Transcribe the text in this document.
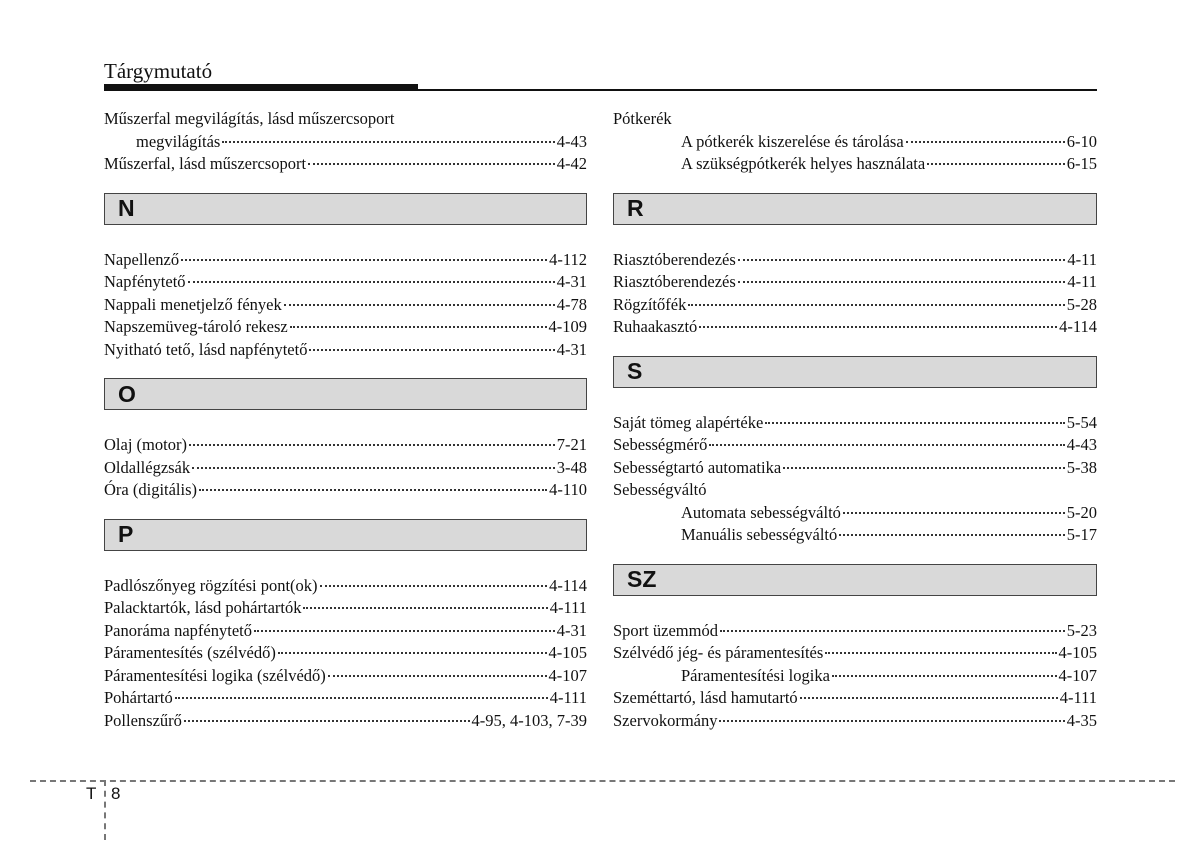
Tárgymutató
Műszerfal megvilágítás, lásd műszercsoport
megvilágítás	4-43
Műszerfal, lásd műszercsoport	4-42
N
Napellenző	4-112
Napfénytető	4-31
Nappali menetjelző fények	4-78
Napszemüveg-tároló rekesz	4-109
Nyitható tető, lásd napfénytető	4-31
O
Olaj (motor)	7-21
Oldallégzsák	3-48
Óra (digitális)	4-110
P
Padlószőnyeg rögzítési pont(ok)	4-114
Palacktartók, lásd pohártartók	4-111
Panoráma napfénytető	4-31
Páramentesítés (szélvédő)	4-105
Páramentesítési logika (szélvédő)	4-107
Pohártartó	4-111
Pollenszűrő	4-95, 4-103, 7-39
Pótkerék
A pótkerék kiszerelése és tárolása	6-10
A szükségpótkerék helyes használata	6-15
R
Riasztóberendezés	4-11
Riasztóberendezés	4-11
Rögzítőfék	5-28
Ruhaakasztó	4-114
S
Saját tömeg alapértéke	5-54
Sebességmérő	4-43
Sebességtartó automatika	5-38
Sebességváltó
Automata sebességváltó	5-20
Manuális sebességváltó	5-17
SZ
Sport üzemmód	5-23
Szélvédő jég- és páramentesítés	4-105
Páramentesítési logika	4-107
Szeméttartó, lásd hamutartó	4-111
Szervokormány	4-35
T 8
